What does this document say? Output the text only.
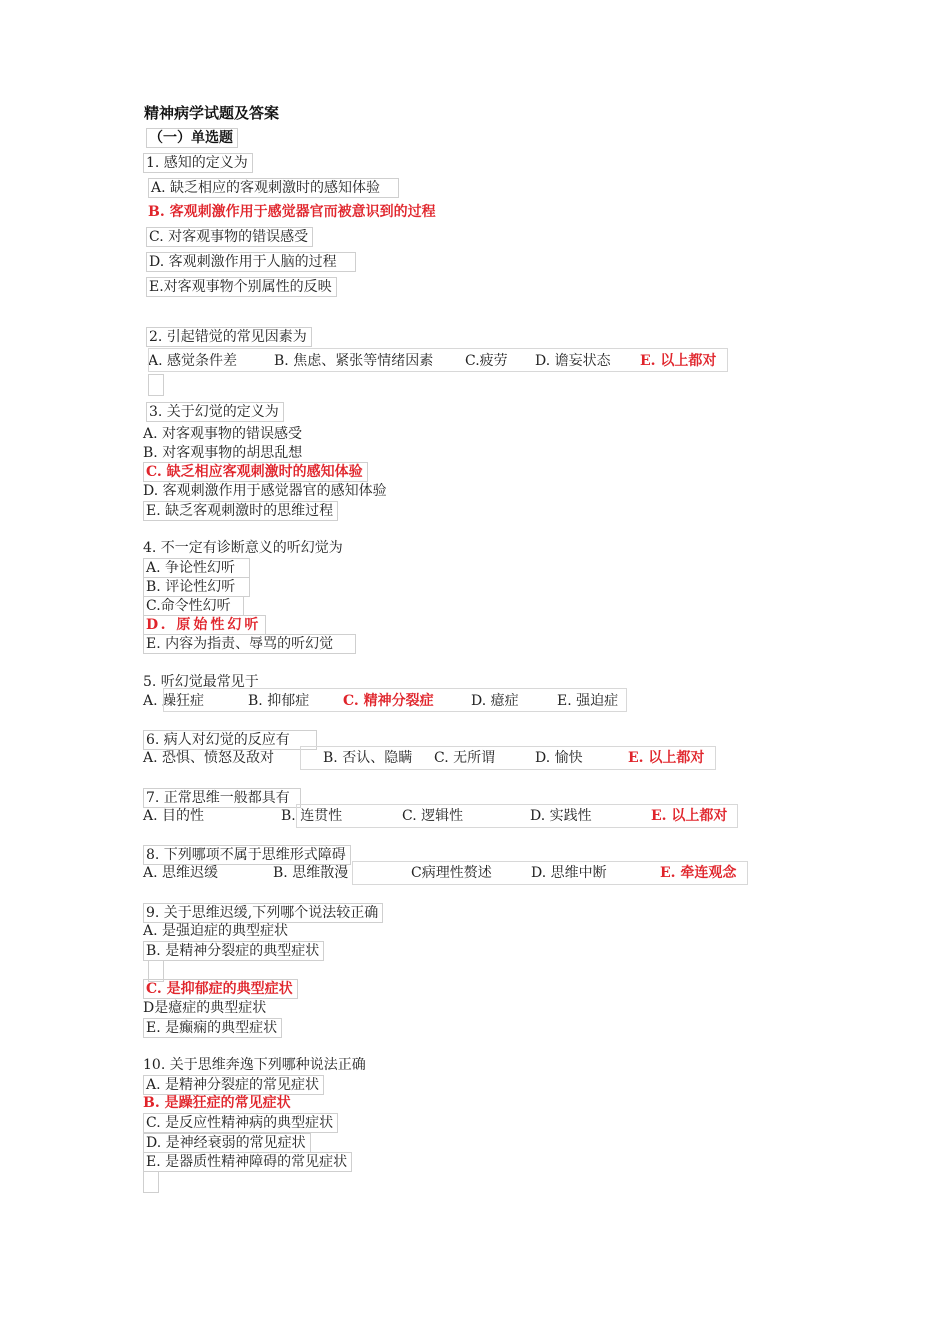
精神病学试题及答案
（一）单选题
1. 感知的定义为
A. 缺乏相应的客观刺激时的感知体验
B. 客观刺激作用于感觉器官而被意识到的过程
C. 对客观事物的错误感受
D. 客观刺激作用于人脑的过程
E.对客观事物个别属性的反映
2. 引起错觉的常见因素为
A. 感觉条件差	B. 焦虑、紧张等情绪因素 C.疲劳 D. 谵妄状态 E. 以上都对
3. 关于幻觉的定义为
A. 对客观事物的错误感受
B. 对客观事物的胡思乱想
C. 缺乏相应客观刺激时的感知体验
D. 客观刺激作用于感觉器官的感知体验
E. 缺乏客观刺激时的思维过程
4. 不一定有诊断意义的听幻觉为
A. 争论性幻听
B. 评论性幻听
C.命令性幻听
D. 原始性幻听
E. 内容为指责、辱骂的听幻觉
5. 听幻觉最常见于
A. 躁狂症	B. 抑郁症 C. 精神分裂症	D. 癔症	E. 强迫症
6. 病人对幻觉的反应有
A. 恐惧、愤怒及敌对	B. 否认、隐瞒 C. 无所谓	D. 愉快	E. 以上都对
7. 正常思维一般都具有
A. 目的性	B. 连贯性	C. 逻辑性	D. 实践性	E. 以上都对
8. 下列哪项不属于思维形式障碍
A. 思维迟缓	B. 思维散漫	C病理性赘述	D. 思维中断	E. 牵连观念
9. 关于思维迟缓,下列哪个说法较正确
A. 是强迫症的典型症状
B. 是精神分裂症的典型症状
C. 是抑郁症的典型症状
D是癔症的典型症状
E. 是癫痫的典型症状
10. 关于思维奔逸下列哪种说法正确
A. 是精神分裂症的常见症状
B. 是躁狂症的常见症状
C. 是反应性精神病的典型症状
D. 是神经衰弱的常见症状
E. 是器质性精神障碍的常见症状
